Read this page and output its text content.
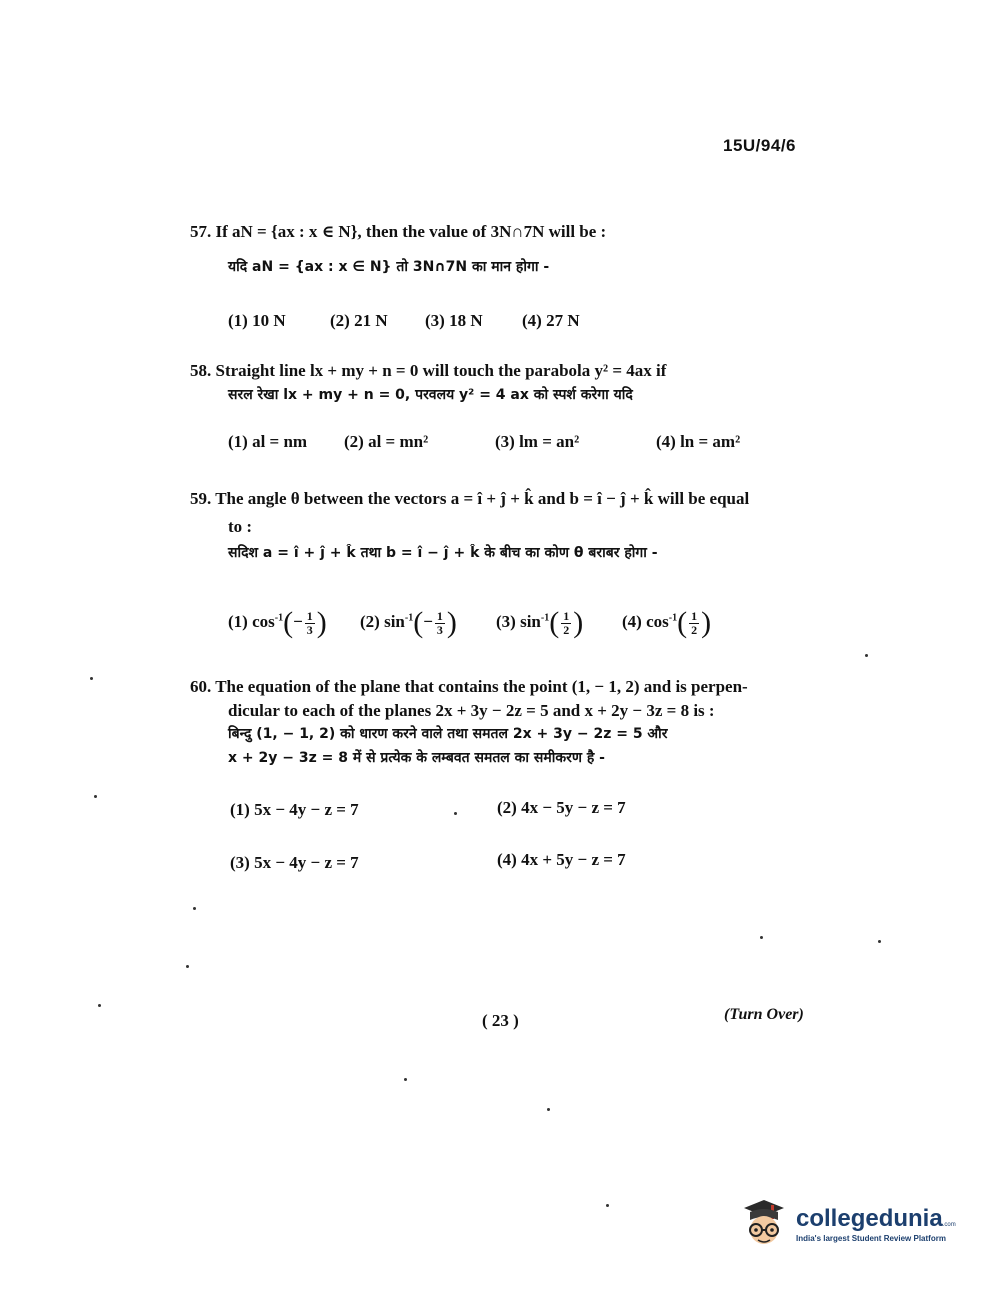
15U/94/6
57. If aN = {ax : x ∈ N}, then the value of 3N∩7N will be :
यदि aN = {ax : x ∈ N} तो 3N∩7N का मान होगा -
(1) 10 N	(2) 21 N (3) 18 N (4) 27 N
58. Straight line lx + my + n = 0 will touch the parabola y² = 4ax if
सरल रेखा lx + my + n = 0, परवलय y² = 4 ax को स्पर्श करेगा यदि
(1) al = nm (2) al = mn²	(3) lm = an²	(4) ln = am²
59. The angle θ between the vectors a = î + ĵ + k̂ and b = î − ĵ + k̂ will be equal
to :
सदिश a = î + ĵ + k̂ तथा b = î − ĵ + k̂ के बीच का कोण θ बराबर होगा -
(1) $\cos^{-1}(- \frac{1}{3}$ ) (2) $\sin^{-1}(- \frac{1}{3}$ ) (3) $\sin^{-1}( \frac{1}{2}$ ) (4) $\cos^{-1}( \frac{1}{2}$ )
60. The equation of the plane that contains the point (1, − 1, 2) and is perpen-
dicular to each of the planes 2x + 3y − 2z = 5 and x + 2y − 3z = 8 is :
बिन्दु (1, − 1, 2) को धारण करने वाले तथा समतल 2x + 3y − 2z = 5 और
x + 2y − 3z = 8 में से प्रत्येक के लम्बवत समतल का समीकरण है -
(1) 5x − 4y − z = 7	(2) 4x − 5y − z = 7
(3) 5x − 4y − z = 7	(4) 4x + 5y − z = 7
( 23 )	(Turn Over)
collegedunia.com
India's largest Student Review Platform
